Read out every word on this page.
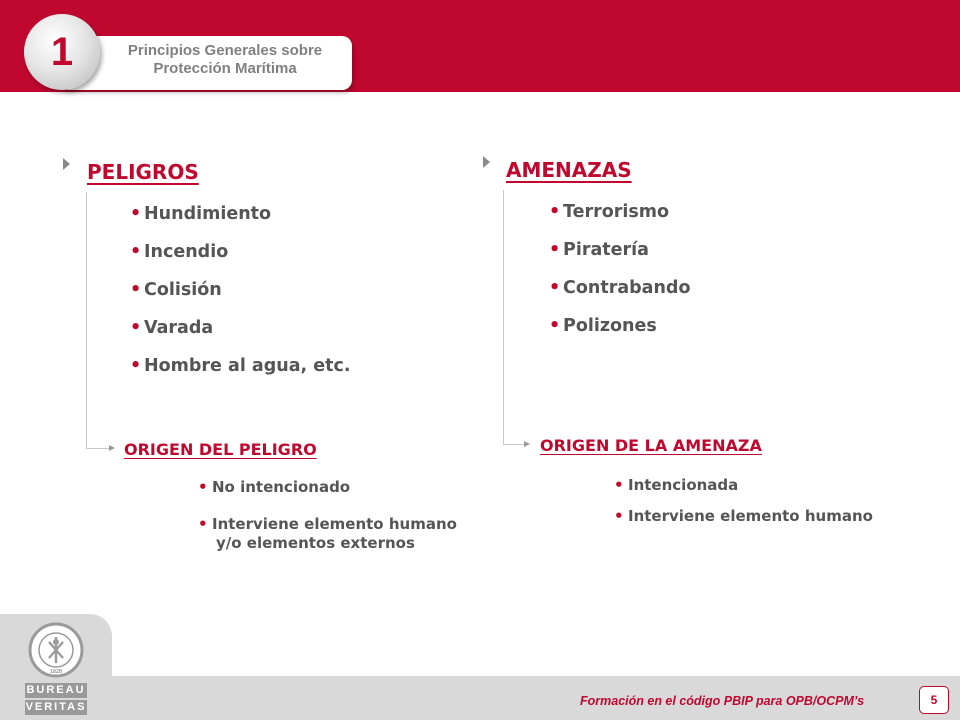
Principios Generales sobre
Protección Marítima
1
PELIGROS
• Hundimiento
• Incendio
• Colisión
• Varada
• Hombre al agua, etc.
ORIGEN DEL PELIGRO
• No intencionado
• Interviene elemento humano
y/o elementos externos
AMENAZAS
• Terrorismo
• Piratería
• Contrabando
• Polizones
ORIGEN DE LA AMENAZA
• Intencionada
• Interviene elemento humano
1828
BUREAU
VERITAS	Formación en el código PBIP para OPB/OCPM’s	5
